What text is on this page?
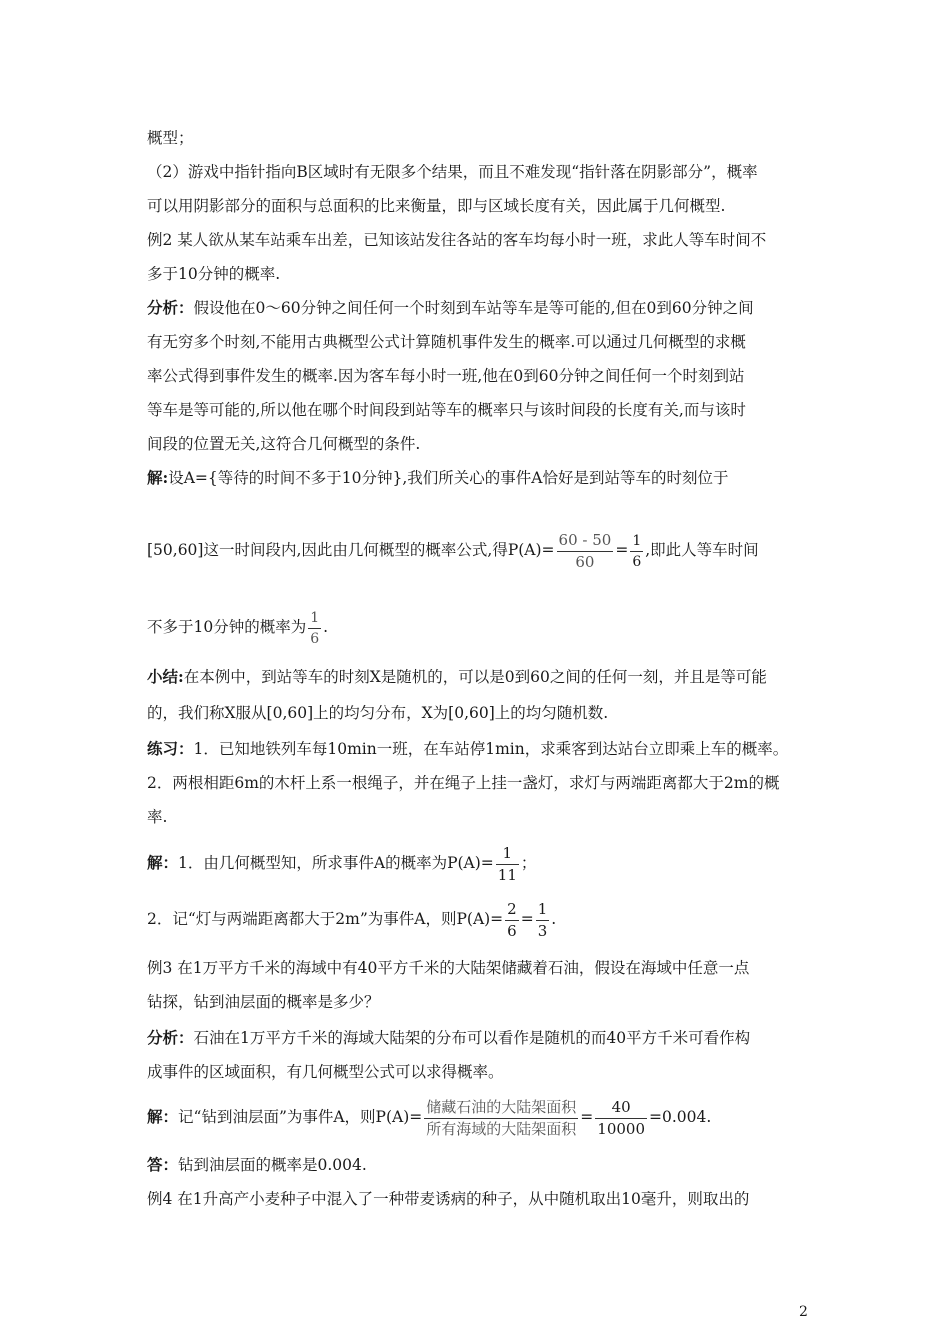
概型；
（2）游戏中指针指向B区域时有无限多个结果，而且不难发现“指针落在阴影部分”，概率
可以用阴影部分的面积与总面积的比来衡量，即与区域长度有关，因此属于几何概型.
例2 某人欲从某车站乘车出差，已知该站发往各站的客车均每小时一班，求此人等车时间不
多于10分钟的概率.
分析：假设他在0～60分钟之间任何一个时刻到车站等车是等可能的,但在0到60分钟之间
有无穷多个时刻,不能用古典概型公式计算随机事件发生的概率.可以通过几何概型的求概
率公式得到事件发生的概率.因为客车每小时一班,他在0到60分钟之间任何一个时刻到站
等车是等可能的,所以他在哪个时间段到站等车的概率只与该时间段的长度有关,而与该时
间段的位置无关,这符合几何概型的条件.
解:设A={等待的时间不多于10分钟},我们所关心的事件A恰好是到站等车的时刻位于
[50,60]这一时间段内,因此由几何概型的概率公式,得$P(A)= \frac{60 - 50}{60} = \frac{1}{6}$ ,即此人等车时间
不多于10分钟的概率为 $\frac{1}{6}$ .
小结:在本例中，到站等车的时刻X是随机的，可以是0到60之间的任何一刻，并且是等可能
的，我们称X服从[0,60]上的均匀分布，X为[0,60]上的均匀随机数.
练习：1．已知地铁列车每10min一班，在车站停1min，求乘客到达站台立即乘上车的概率。
2．两根相距6m的木杆上系一根绳子，并在绳子上挂一盏灯，求灯与两端距离都大于2m的概
率.
解：1．由几何概型知，所求事件A的概率为$P(A)= \frac{1}{11}$ ；
2．记“灯与两端距离都大于2m”为事件A，则$P(A)= \frac{2}{6} = \frac{1}{3}$ .
例3 在1万平方千米的海域中有40平方千米的大陆架储藏着石油，假设在海域中任意一点
钻探，钻到油层面的概率是多少？
分析：石油在1万平方千米的海域大陆架的分布可以看作是随机的而40平方千米可看作构
成事件的区域面积，有几何概型公式可以求得概率。
解：记“钻到油层面”为事件A，则$P(A)= \frac{\text{储藏石油的大陆架面积}}{\text{所有海域的大陆架面积}} = \frac{40}{10000} =0.004$.
答：钻到油层面的概率是0.004.
例4 在1升高产小麦种子中混入了一种带麦诱病的种子，从中随机取出10毫升，则取出的
2
